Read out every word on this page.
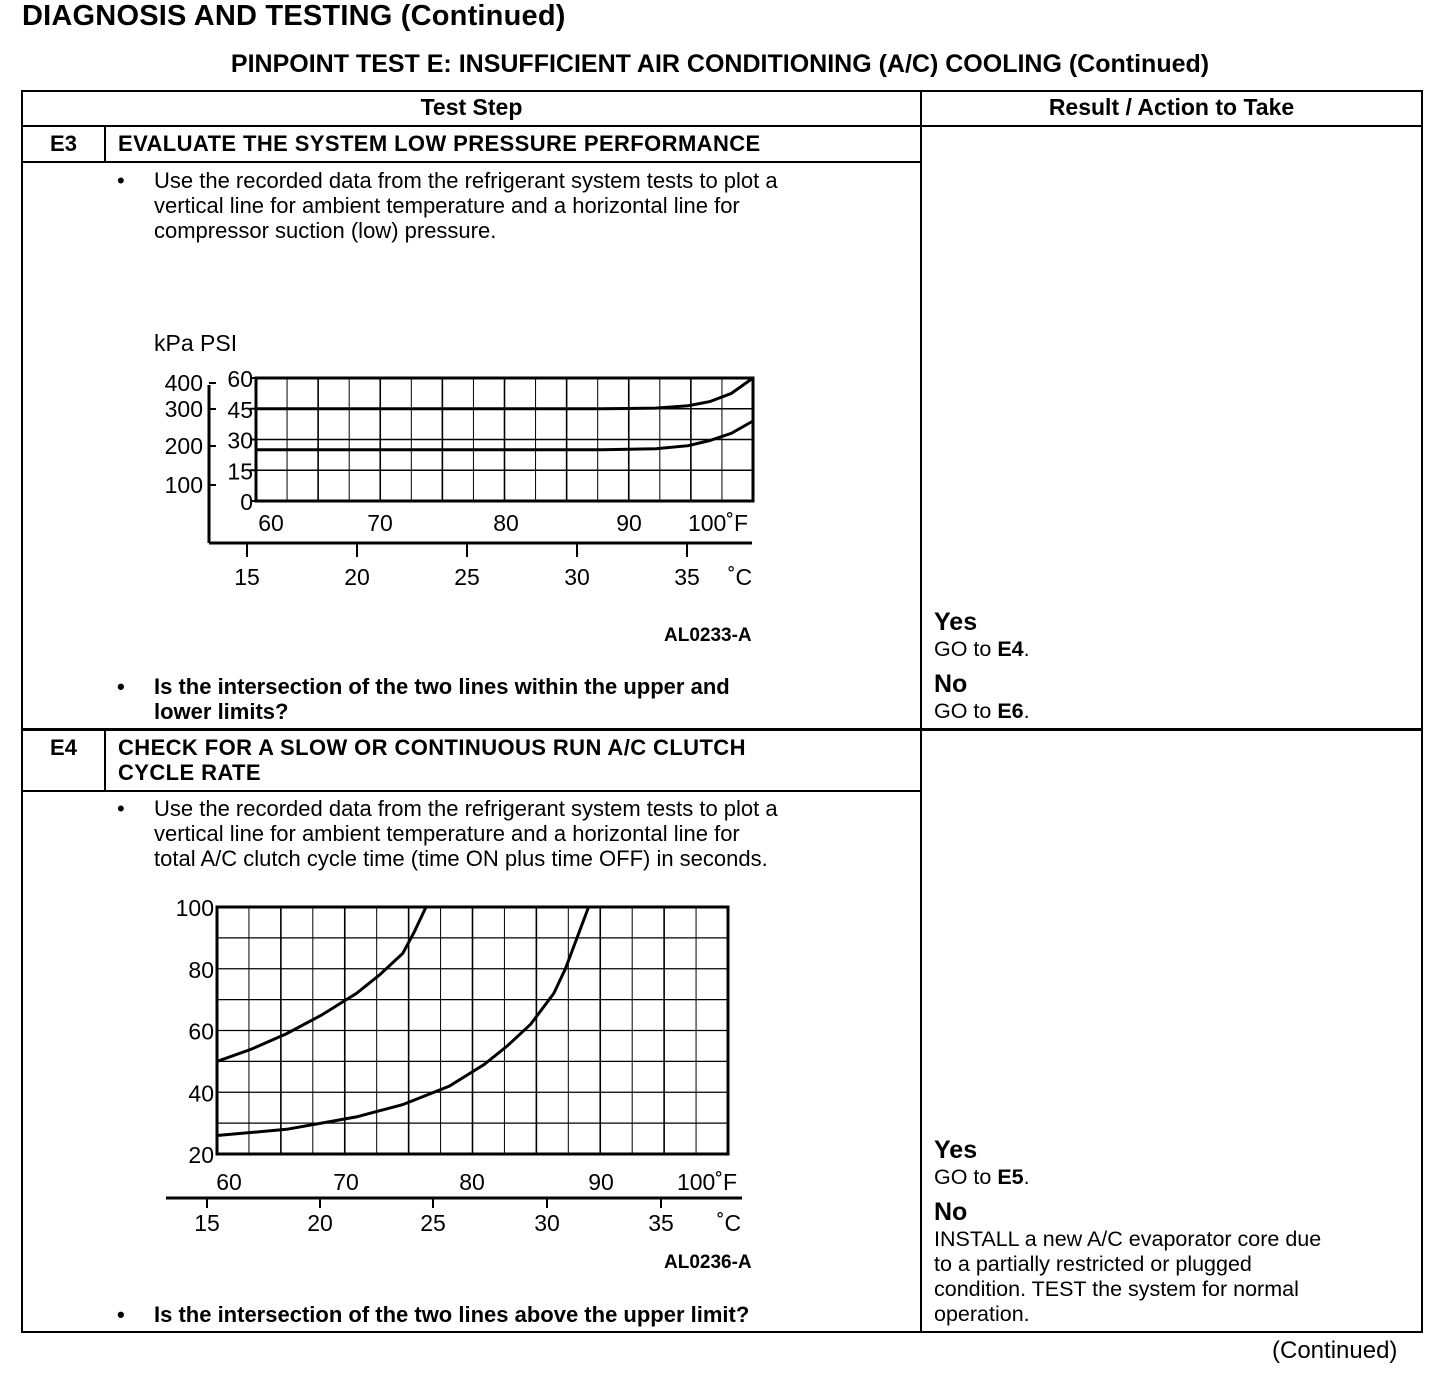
DIAGNOSIS AND TESTING (Continued)
PINPOINT TEST E: INSUFFICIENT AIR CONDITIONING (A/C) COOLING (Continued)
Test Step	Result / Action to Take
E3	EVALUATE THE SYSTEM LOW PRESSURE PERFORMANCE
• Use the recorded data from the refrigerant system tests to plot a
vertical line for ambient temperature and a horizontal line for
compressor suction (low) pressure.
kPa PSI
60
45
30
15
0
400
300
200
100
60	70	80	90 100˚F
15	20	25	30	35 ˚C
AL0233-A
• Is the intersection of the two lines within the upper and
lower limits?
Yes
GO to E4.
No
GO to E6.
E4	CHECK FOR A SLOW OR CONTINUOUS RUN A/C CLUTCH
CYCLE RATE
• Use the recorded data from the refrigerant system tests to plot a
vertical line for ambient temperature and a horizontal line for
total A/C clutch cycle time (time ON plus time OFF) in seconds.
100
80
60
40
20
60	70	80	90	100˚F
15	20	25	30	35 ˚C
AL0236-A
• Is the intersection of the two lines above the upper limit?
Yes
GO to E5.
No
INSTALL a new A/C evaporator core due
to a partially restricted or plugged
condition. TEST the system for normal
operation.
(Continued)
